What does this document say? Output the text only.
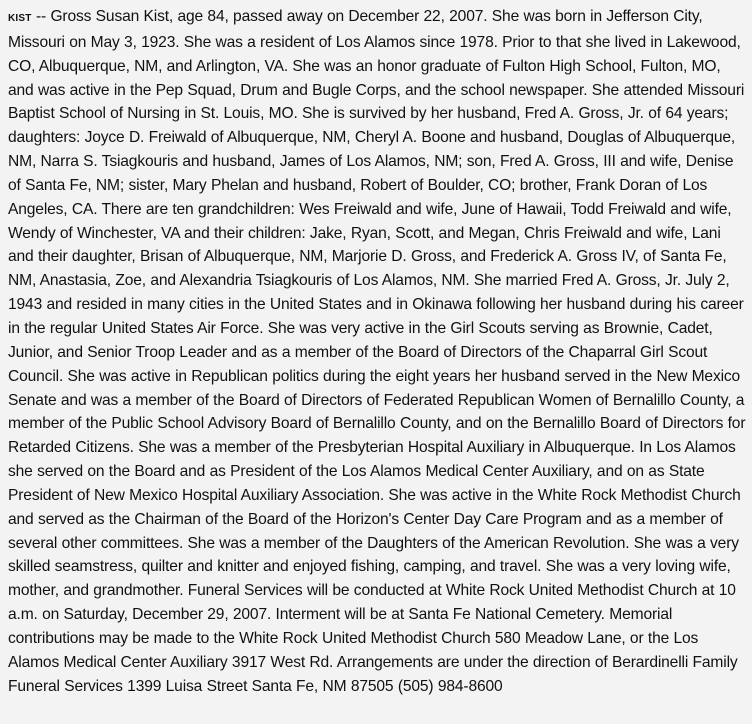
KIST -- Gross Susan Kist, age 84, passed away on December 22, 2007. She was born in Jefferson City, Missouri on May 3, 1923. She was a resident of Los Alamos since 1978. Prior to that she lived in Lakewood, CO, Albuquerque, NM, and Arlington, VA. She was an honor graduate of Fulton High School, Fulton, MO, and was active in the Pep Squad, Drum and Bugle Corps, and the school newspaper. She attended Missouri Baptist School of Nursing in St. Louis, MO. She is survived by her husband, Fred A. Gross, Jr. of 64 years; daughters: Joyce D. Freiwald of Albuquerque, NM, Cheryl A. Boone and husband, Douglas of Albuquerque, NM, Narra S. Tsiagkouris and husband, James of Los Alamos, NM; son, Fred A. Gross, III and wife, Denise of Santa Fe, NM; sister, Mary Phelan and husband, Robert of Boulder, CO; brother, Frank Doran of Los Angeles, CA. There are ten grandchildren: Wes Freiwald and wife, June of Hawaii, Todd Freiwald and wife, Wendy of Winchester, VA and their children: Jake, Ryan, Scott, and Megan, Chris Freiwald and wife, Lani and their daughter, Brisan of Albuquerque, NM, Marjorie D. Gross, and Frederick A. Gross IV, of Santa Fe, NM, Anastasia, Zoe, and Alexandria Tsiagkouris of Los Alamos, NM. She married Fred A. Gross, Jr. July 2, 1943 and resided in many cities in the United States and in Okinawa following her husband during his career in the regular United States Air Force. She was very active in the Girl Scouts serving as Brownie, Cadet, Junior, and Senior Troop Leader and as a member of the Board of Directors of the Chaparral Girl Scout Council. She was active in Republican politics during the eight years her husband served in the New Mexico Senate and was a member of the Board of Directors of Federated Republican Women of Bernalillo County, a member of the Public School Advisory Board of Bernalillo County, and on the Bernalillo Board of Directors for Retarded Citizens. She was a member of the Presbyterian Hospital Auxiliary in Albuquerque. In Los Alamos she served on the Board and as President of the Los Alamos Medical Center Auxiliary, and on as State President of New Mexico Hospital Auxiliary Association. She was active in the White Rock Methodist Church and served as the Chairman of the Board of the Horizon's Center Day Care Program and as a member of several other committees. She was a member of the Daughters of the American Revolution. She was a very skilled seamstress, quilter and knitter and enjoyed fishing, camping, and travel. She was a very loving wife, mother, and grandmother. Funeral Services will be conducted at White Rock United Methodist Church at 10 a.m. on Saturday, December 29, 2007. Interment will be at Santa Fe National Cemetery. Memorial contributions may be made to the White Rock United Methodist Church 580 Meadow Lane, or the Los Alamos Medical Center Auxiliary 3917 West Rd. Arrangements are under the direction of Berardinelli Family Funeral Services 1399 Luisa Street Santa Fe, NM 87505 (505) 984-8600
